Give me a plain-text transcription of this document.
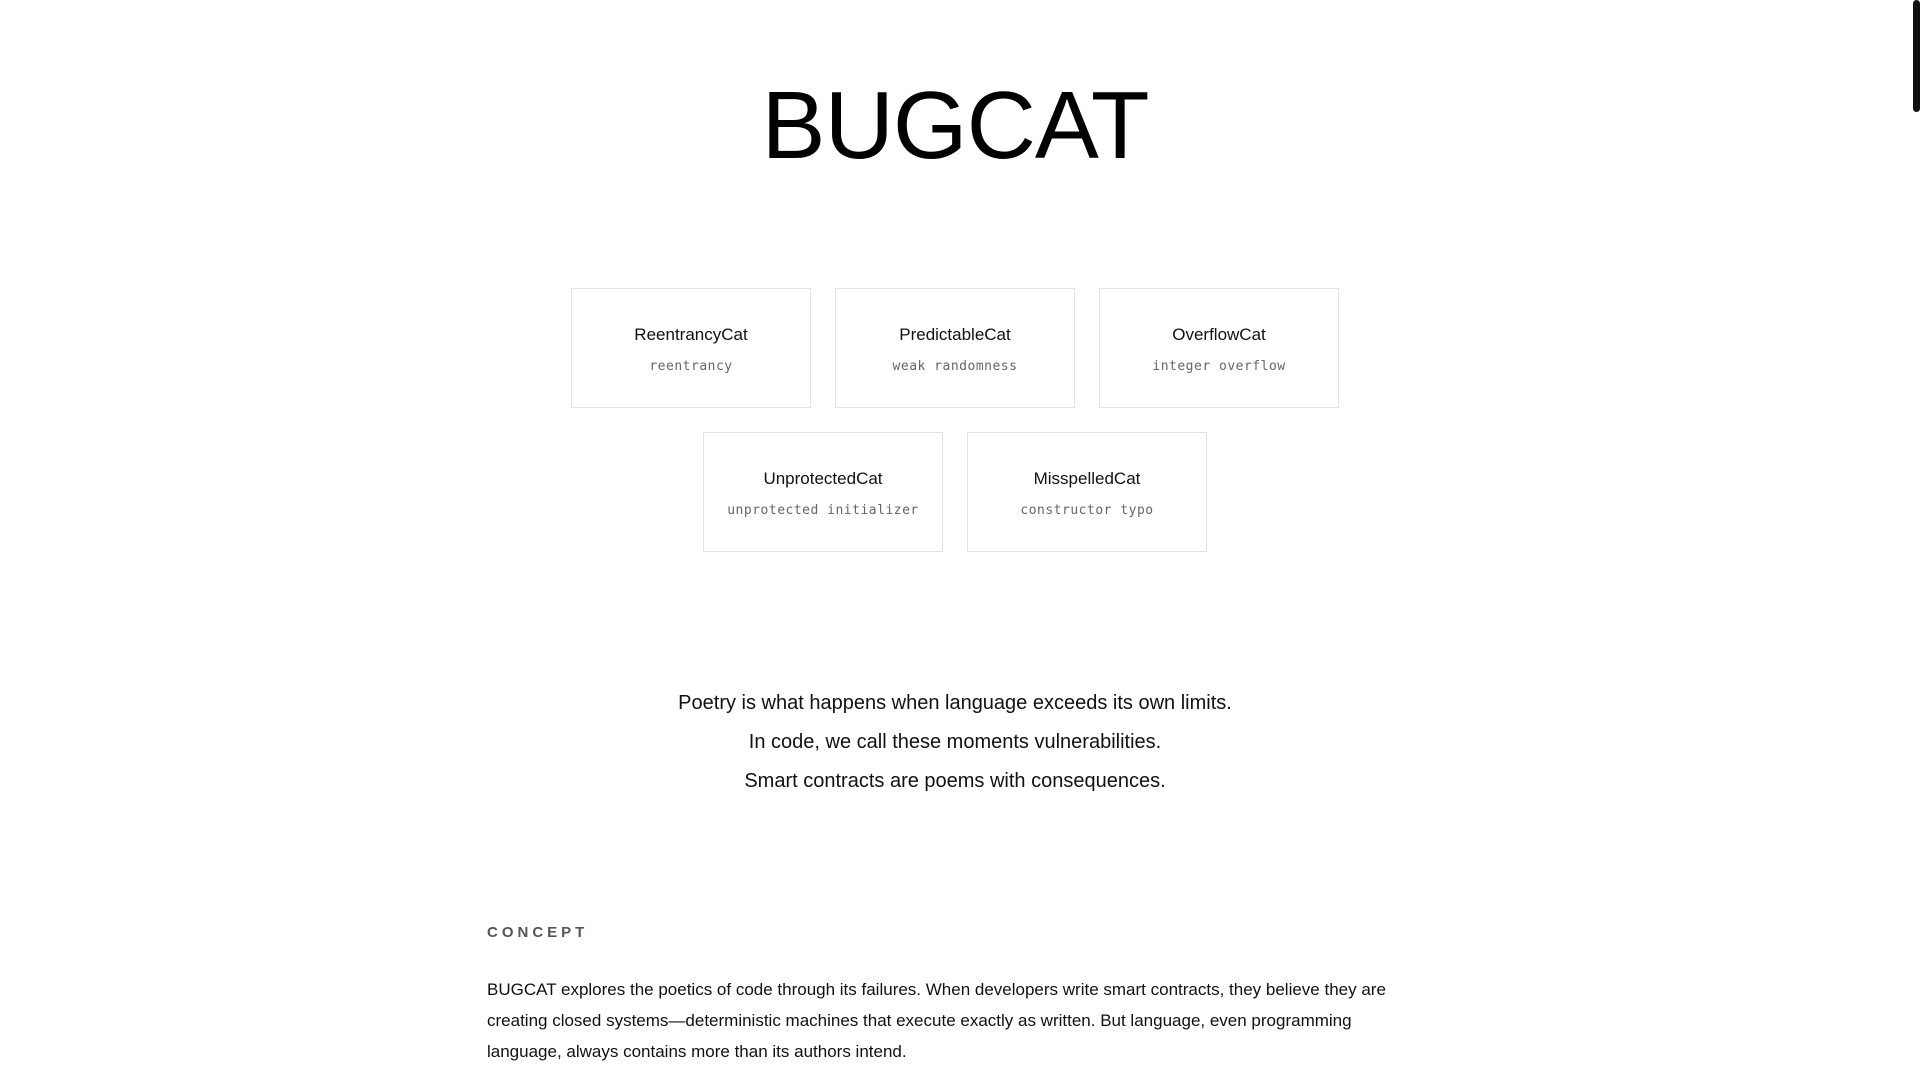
BUGCAT
ReentrancyCat
reentrancy
PredictableCat
weak randomness
OverflowCat
integer overflow
UnprotectedCat
unprotected initializer
MisspelledCat
constructor typo
Poetry is what happens when language exceeds its own limits.
In code, we call these moments vulnerabilities.
Smart contracts are poems with consequences.
CONCEPT

BUGCAT explores the poetics of code through its failures. When developers write smart contracts, they believe they are creating closed systems—deterministic machines that execute exactly as written. But language, even programming language, always contains more than its authors intend.
